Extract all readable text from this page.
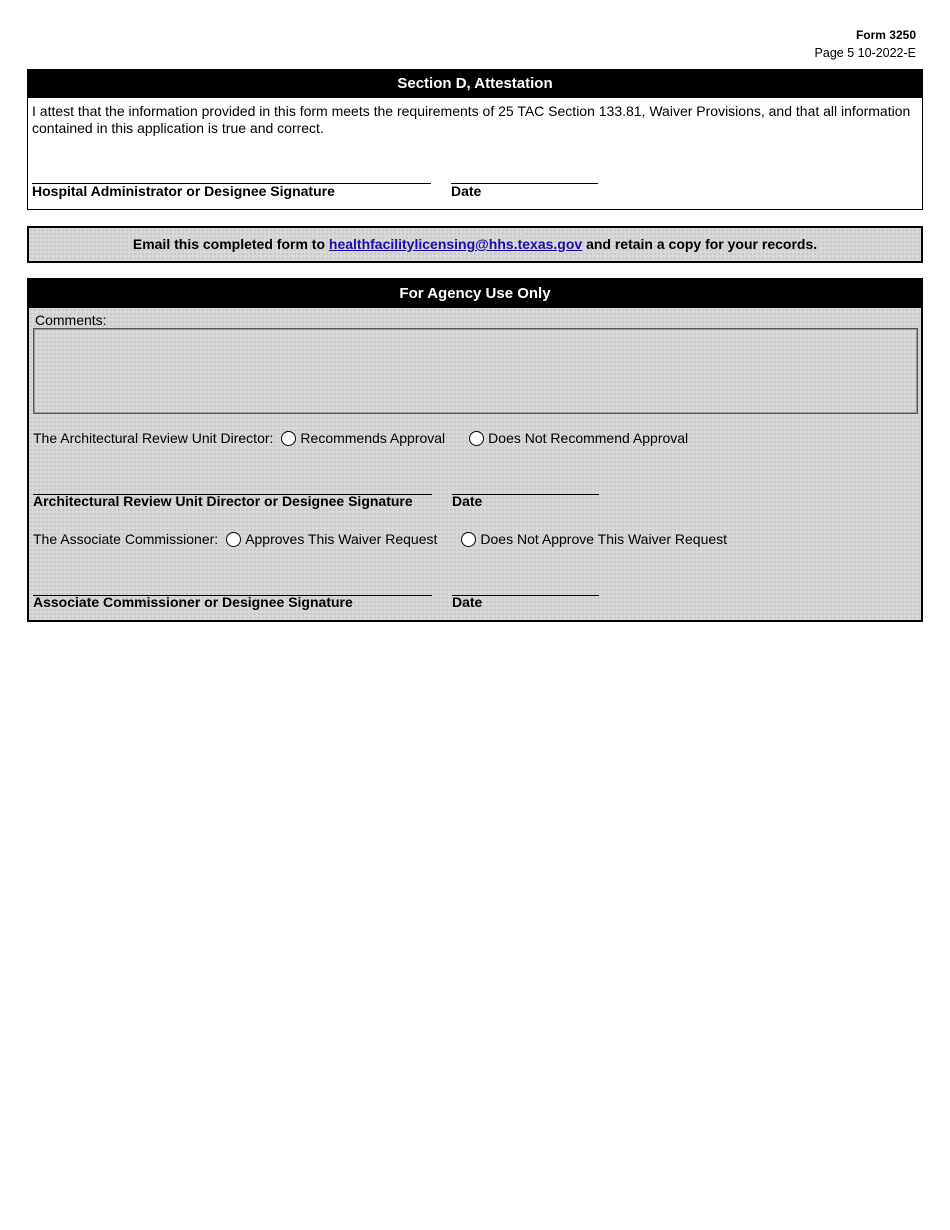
Form 3250
Page 5 10-2022-E
Section D, Attestation
I attest that the information provided in this form meets the requirements of 25 TAC Section 133.81, Waiver Provisions, and that all information contained in this application is true and correct.
Hospital Administrator or Designee Signature	Date
Email this completed form to healthfacilitylicensing@hhs.texas.gov and retain a copy for your records.
For Agency Use Only
Comments:
The Architectural Review Unit Director: Recommends Approval	Does Not Recommend Approval
Architectural Review Unit Director or Designee Signature	Date
The Associate Commissioner: Approves This Waiver Request	Does Not Approve This Waiver Request
Associate Commissioner or Designee Signature	Date
